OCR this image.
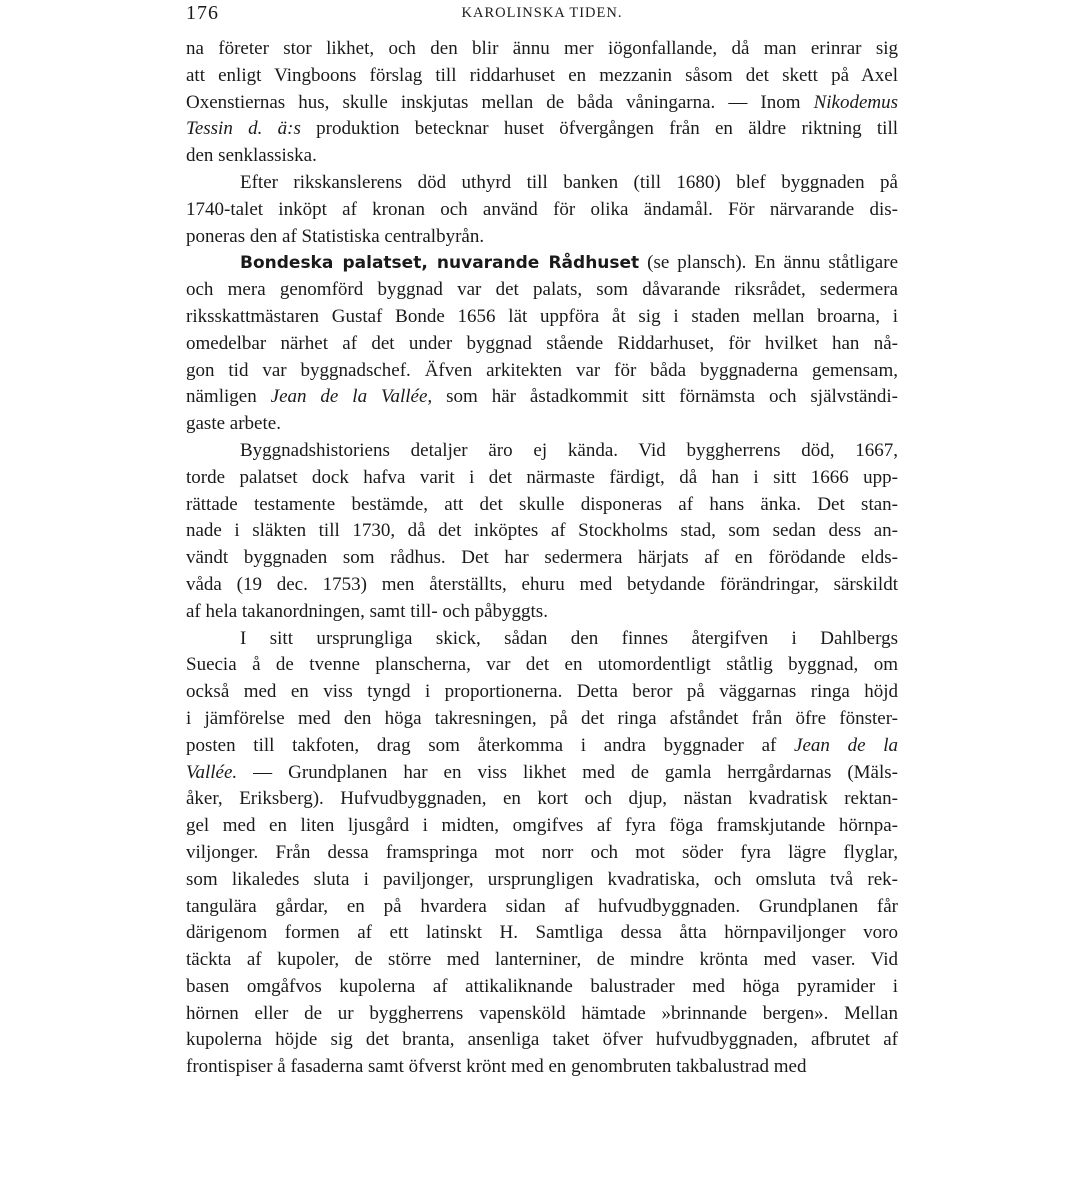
176	KAROLINSKA TIDEN.
na företer stor likhet, och den blir ännu mer iögonfallande, då man erinrar sig
att enligt Vingboons förslag till riddarhuset en mezzanin såsom det skett på Axel
Oxenstiernas hus, skulle inskjutas mellan de båda våningarna. — Inom Nikodemus
Tessin d. ä:s produktion betecknar huset öfvergången från en äldre riktning till
den senklassiska.
Efter rikskanslerens död uthyrd till banken (till 1680) blef byggnaden på
1740-talet inköpt af kronan och använd för olika ändamål. För närvarande dis-
poneras den af Statistiska centralbyrån.
Bondeska palatset, nuvarande Rådhuset (se plansch). En ännu ståtligare
och mera genomförd byggnad var det palats, som dåvarande riksrådet, sedermera
riksskattmästaren Gustaf Bonde 1656 lät uppföra åt sig i staden mellan broarna, i
omedelbar närhet af det under byggnad stående Riddarhuset, för hvilket han nå-
gon tid var byggnadschef. Äfven arkitekten var för båda byggnaderna gemensam,
nämligen Jean de la Vallée, som här åstadkommit sitt förnämsta och självständi-
gaste arbete.
Byggnadshistoriens detaljer äro ej kända. Vid byggherrens död, 1667,
torde palatset dock hafva varit i det närmaste färdigt, då han i sitt 1666 upp-
rättade testamente bestämde, att det skulle disponeras af hans änka. Det stan-
nade i släkten till 1730, då det inköptes af Stockholms stad, som sedan dess an-
vändt byggnaden som rådhus. Det har sedermera härjats af en förödande elds-
våda (19 dec. 1753) men återställts, ehuru med betydande förändringar, särskildt
af hela takanordningen, samt till- och påbyggts.
I sitt ursprungliga skick, sådan den finnes återgifven i Dahlbergs
Suecia å de tvenne planscherna, var det en utomordentligt ståtlig byggnad, om
också med en viss tyngd i proportionerna. Detta beror på väggarnas ringa höjd
i jämförelse med den höga takresningen, på det ringa afståndet från öfre fönster-
posten till takfoten, drag som återkomma i andra byggnader af Jean de la
Vallée. — Grundplanen har en viss likhet med de gamla herrgårdarnas (Mäls-
åker, Eriksberg). Hufvudbyggnaden, en kort och djup, nästan kvadratisk rektan-
gel med en liten ljusgård i midten, omgifves af fyra föga framskjutande hörnpa-
viljonger. Från dessa framspringa mot norr och mot söder fyra lägre flyglar,
som likaledes sluta i paviljonger, ursprungligen kvadratiska, och omsluta två rek-
tangulära gårdar, en på hvardera sidan af hufvudbyggnaden. Grundplanen får
därigenom formen af ett latinskt H. Samtliga dessa åtta hörnpaviljonger voro
täckta af kupoler, de större med lanterniner, de mindre krönta med vaser. Vid
basen omgåfvos kupolerna af attikaliknande balustrader med höga pyramider i
hörnen eller de ur byggherrens vapensköld hämtade »brinnande bergen». Mellan
kupolerna höjde sig det branta, ansenliga taket öfver hufvudbyggnaden, afbrutet af
frontispiser å fasaderna samt öfverst krönt med en genombruten takbalustrad med
